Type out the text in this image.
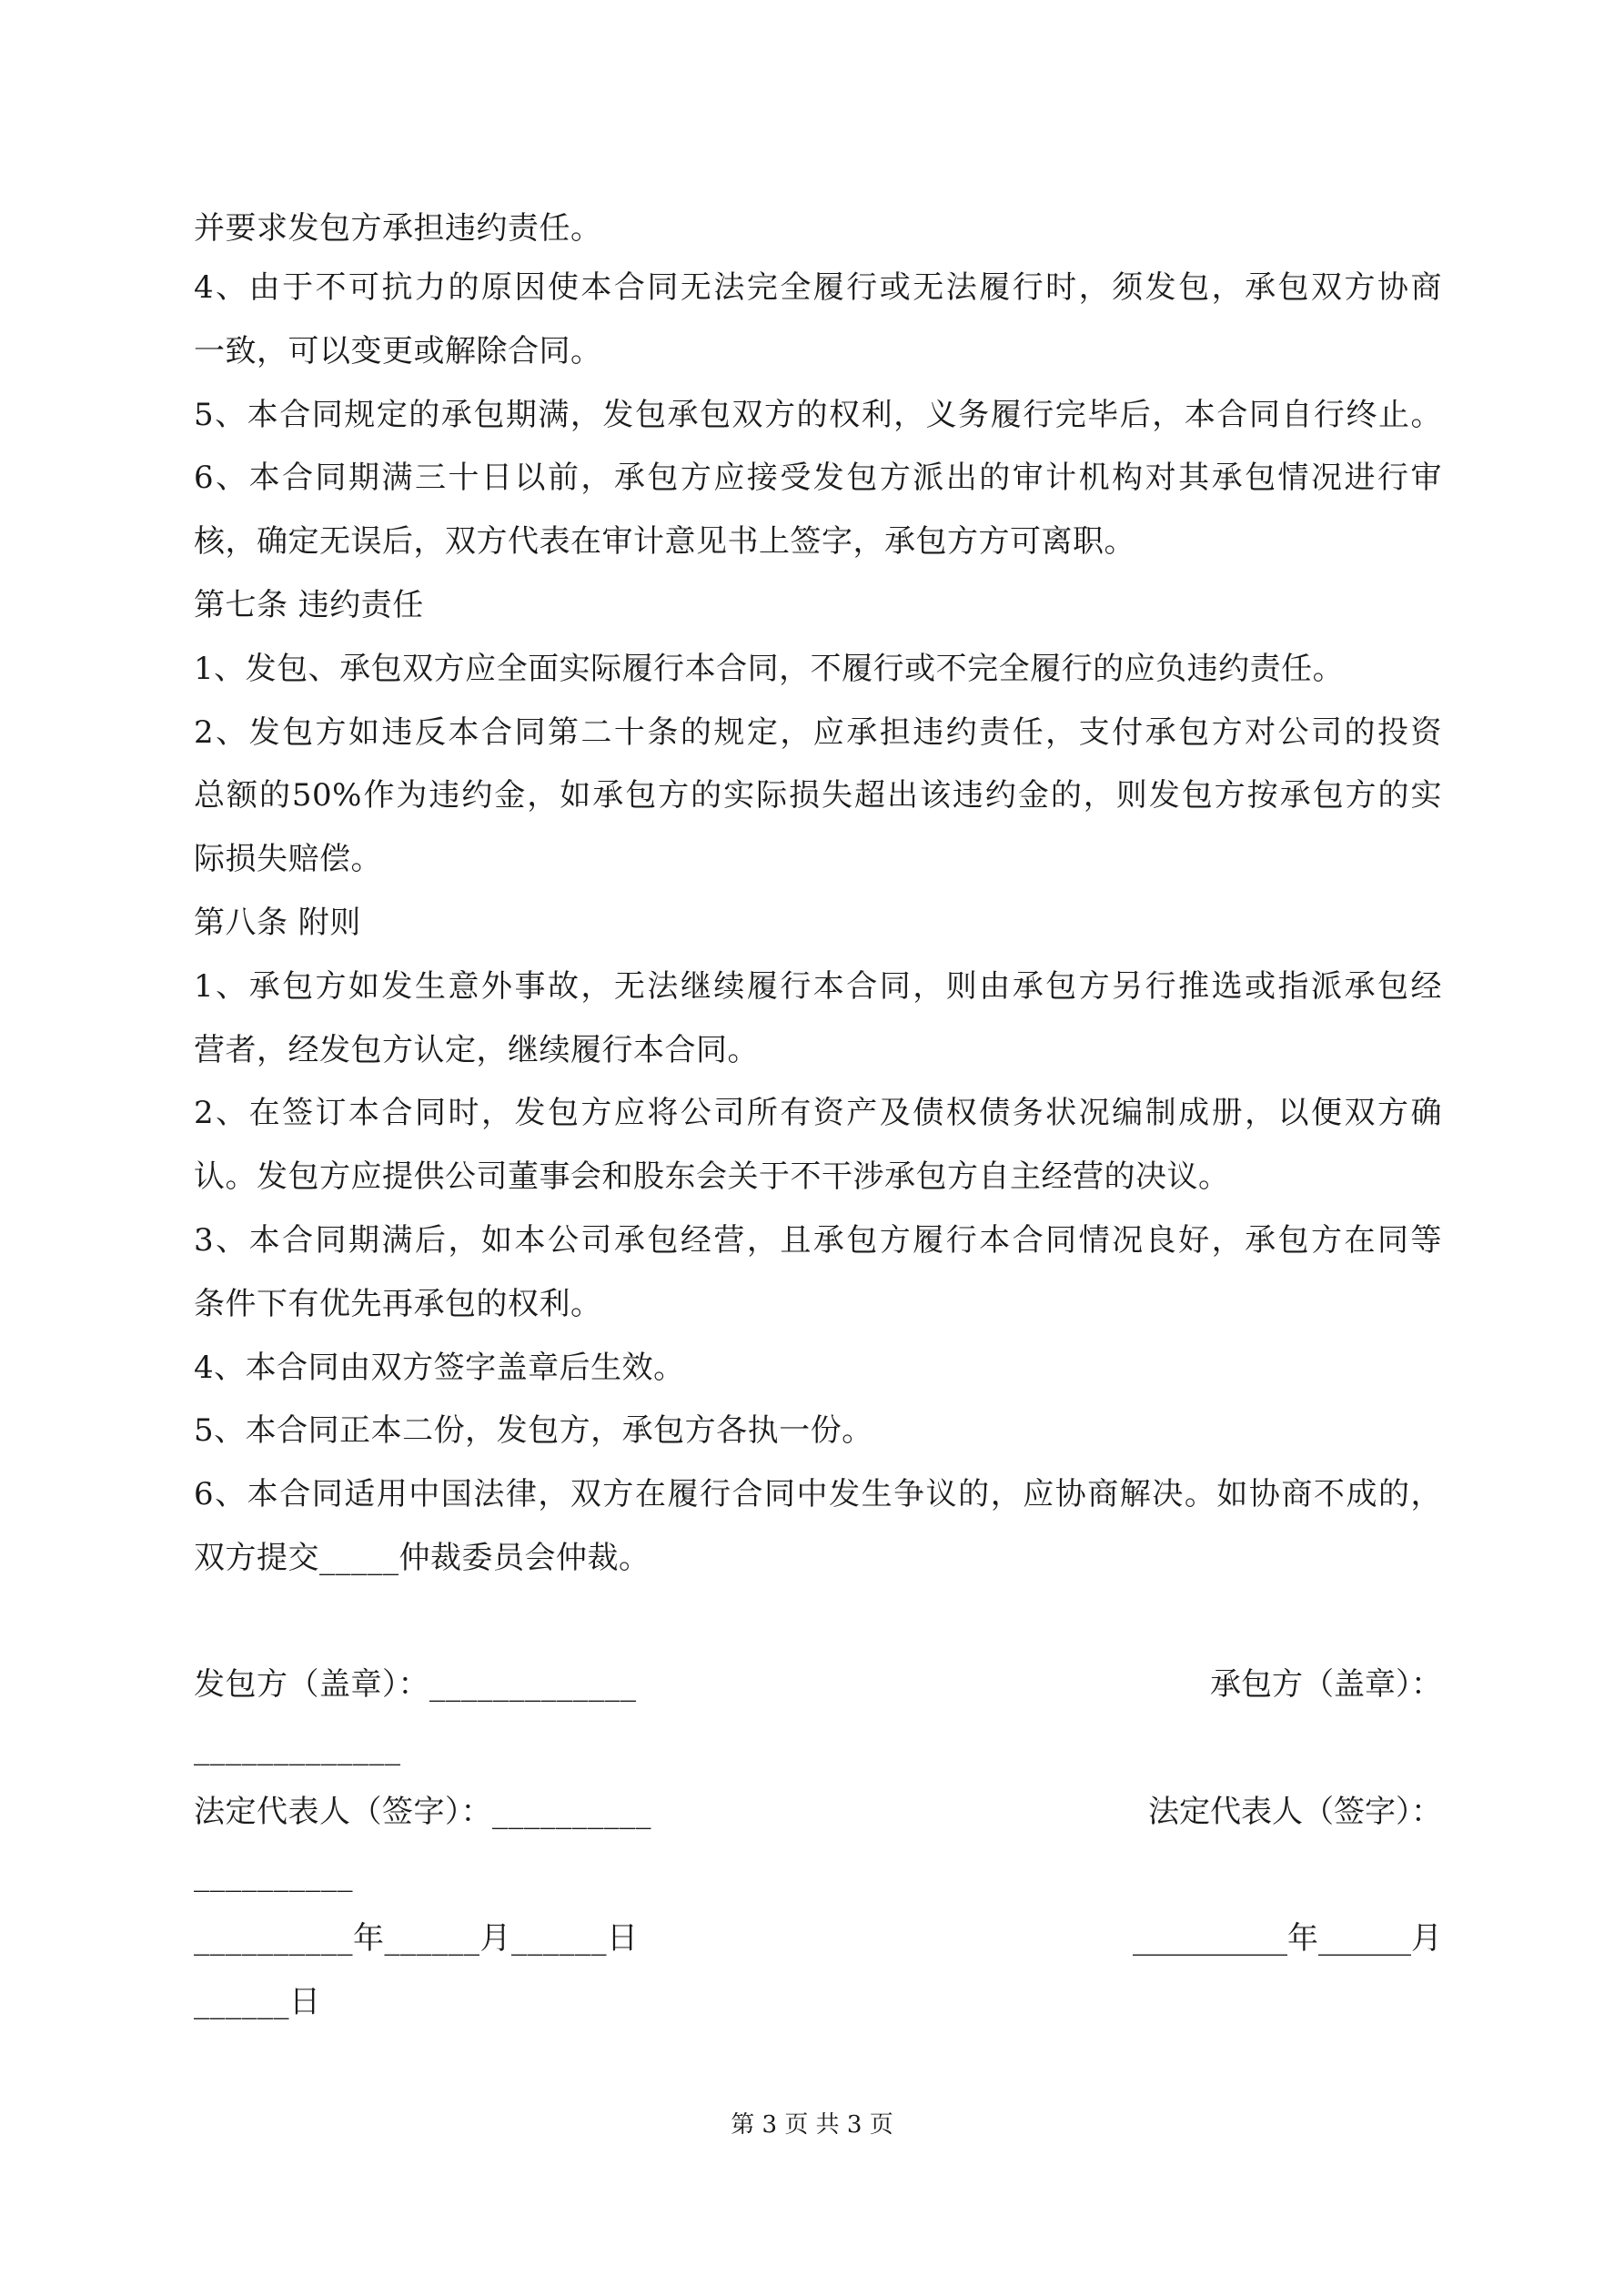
并要求发包方承担违约责任。
4、由于不可抗力的原因使本合同无法完全履行或无法履行时，须发包，承包双方协商
一致，可以变更或解除合同。
5、本合同规定的承包期满，发包承包双方的权利，义务履行完毕后，本合同自行终止。
6、本合同期满三十日以前，承包方应接受发包方派出的审计机构对其承包情况进行审
核，确定无误后，双方代表在审计意见书上签字，承包方方可离职。
第七条 违约责任
1、发包、承包双方应全面实际履行本合同，不履行或不完全履行的应负违约责任。
2、发包方如违反本合同第二十条的规定，应承担违约责任，支付承包方对公司的投资
总额的50%作为违约金，如承包方的实际损失超出该违约金的，则发包方按承包方的实
际损失赔偿。
第八条 附则
1、承包方如发生意外事故，无法继续履行本合同，则由承包方另行推选或指派承包经
营者，经发包方认定，继续履行本合同。
2、在签订本合同时，发包方应将公司所有资产及债权债务状况编制成册，以便双方确
认。发包方应提供公司董事会和股东会关于不干涉承包方自主经营的决议。
3、本合同期满后，如本公司承包经营，且承包方履行本合同情况良好，承包方在同等
条件下有优先再承包的权利。
4、本合同由双方签字盖章后生效。
5、本合同正本二份，发包方，承包方各执一份。
6、本合同适用中国法律，双方在履行合同中发生争议的，应协商解决。如协商不成的，
双方提交_____仲裁委员会仲裁。
发包方（盖章）：_____________	承包方（盖章）：
_____________
法定代表人（签字）：__________	法定代表人（签字）：
__________
__________年______月______日	__________年______月
______日
第 3 页 共 3 页
